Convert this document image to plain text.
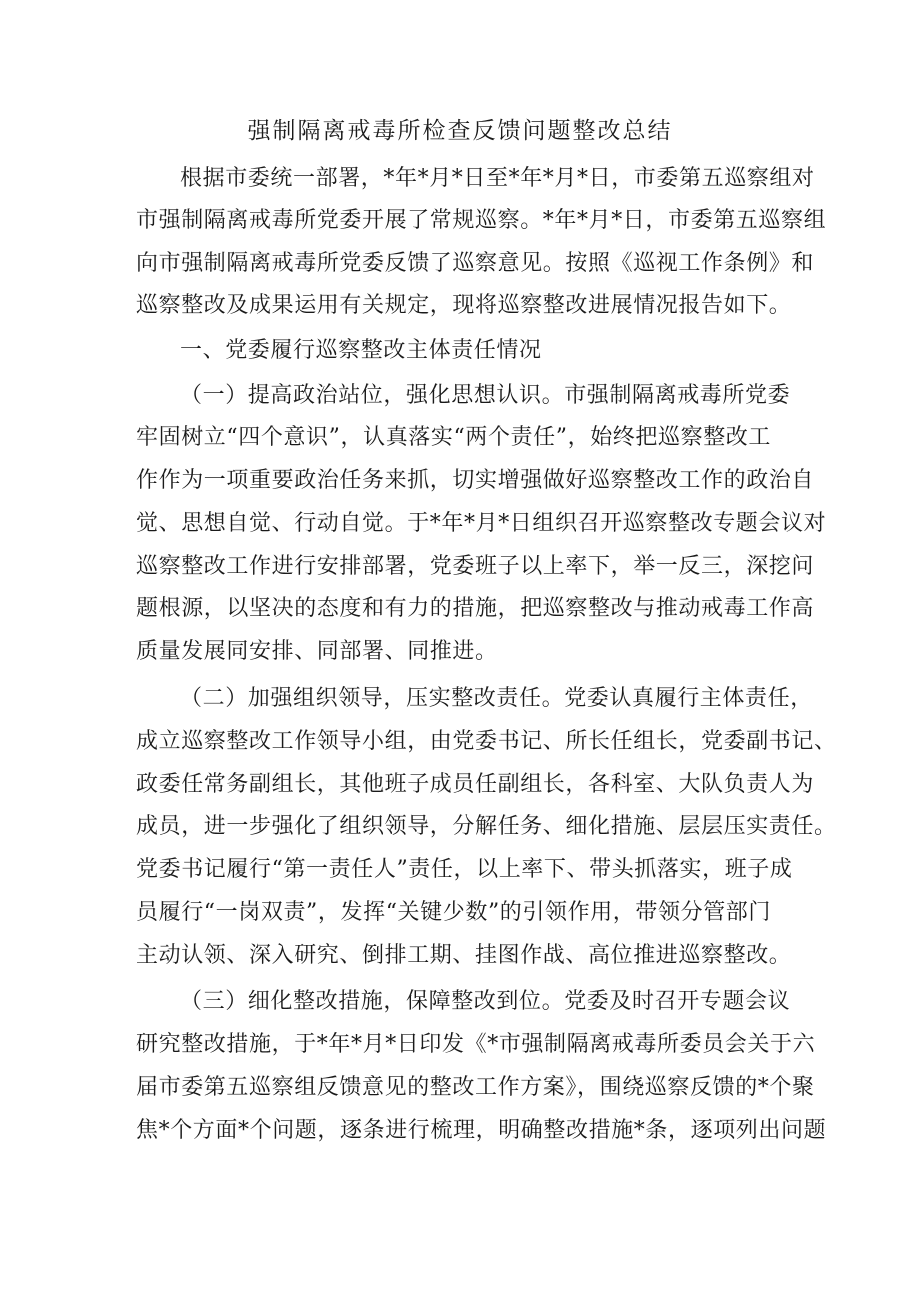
强制隔离戒毒所检查反馈问题整改总结
根据市委统一部署，*年*月*日至*年*月*日，市委第五巡察组对
市强制隔离戒毒所党委开展了常规巡察。*年*月*日，市委第五巡察组
向市强制隔离戒毒所党委反馈了巡察意见。按照《巡视工作条例》和
巡察整改及成果运用有关规定，现将巡察整改进展情况报告如下。
一、党委履行巡察整改主体责任情况
（一）提高政治站位，强化思想认识。市强制隔离戒毒所党委
牢固树立“四个意识”，认真落实“两个责任”，始终把巡察整改工
作作为一项重要政治任务来抓，切实增强做好巡察整改工作的政治自
觉、思想自觉、行动自觉。于*年*月*日组织召开巡察整改专题会议对
巡察整改工作进行安排部署，党委班子以上率下，举一反三，深挖问
题根源，以坚决的态度和有力的措施，把巡察整改与推动戒毒工作高
质量发展同安排、同部署、同推进。
（二）加强组织领导，压实整改责任。党委认真履行主体责任，
成立巡察整改工作领导小组，由党委书记、所长任组长，党委副书记、
政委任常务副组长，其他班子成员任副组长，各科室、大队负责人为
成员，进一步强化了组织领导，分解任务、细化措施、层层压实责任。
党委书记履行“第一责任人”责任，以上率下、带头抓落实，班子成
员履行“一岗双责”，发挥“关键少数”的引领作用，带领分管部门
主动认领、深入研究、倒排工期、挂图作战、高位推进巡察整改。
（三）细化整改措施，保障整改到位。党委及时召开专题会议
研究整改措施，于*年*月*日印发《*市强制隔离戒毒所委员会关于六
届市委第五巡察组反馈意见的整改工作方案》，围绕巡察反馈的*个聚
焦*个方面*个问题，逐条进行梳理，明确整改措施*条，逐项列出问题
